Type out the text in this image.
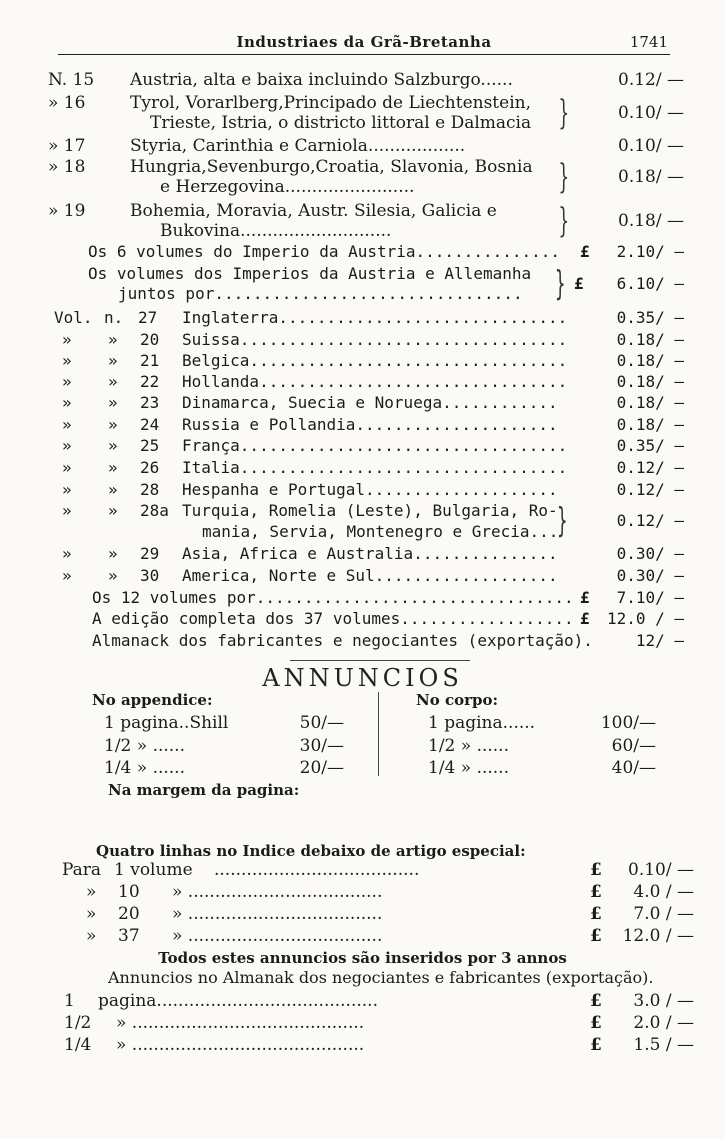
Industriaes da Grã-Bretanha	1741
N. 15 Austria, alta e baixa incluindo Salzburgo......	0.12/ —
» 16	Tyrol, Vorarlberg,Principado de Liechtenstein,
Trieste, Istria, o districto littoral e Dalmacia }	0.10/ —
» 17	Styria, Carinthia e Carniola..................	0.10/ —
» 18	Hungria,Sevenburgo,Croatia, Slavonia, Bosnia
e Herzegovina........................	}	0.18/ —
» 19	Bohemia, Moravia, Austr. Silesia, Galicia e
Bukovina............................	}	0.18/ —
Os 6 volumes do Imperio da Austria............... £ 2.10/ —
Os volumes dos Imperios da Austria e Allemanha
juntos por................................ } £ 6.10/ —
Vol. n. 27 Inglaterra..............................	0.35/ —
» » 20 Suissa..................................	0.18/ —
» » 21 Belgica.................................	0.18/ —
» » 22 Hollanda................................	0.18/ —
» » 23 Dinamarca, Suecia e Noruega............	0.18/ —
» » 24 Russia e Pollandia.....................	0.18/ —
» » 25 França..................................	0.35/ —
» » 26 Italia..................................	0.12/ —
» » 28 Hespanha e Portugal....................	0.12/ —
» » 28a Turquia, Romelia (Leste), Bulgaria, Ro-
mania, Servia, Montenegro e Grecia...
}	0.12/ —
» » 29 Asia, Africa e Australia...............	0.30/ —
» » 30 America, Norte e Sul...................	0.30/ —
Os 12 volumes por................................. £ 7.10/ —
A edição completa dos 37 volumes.................. £ 12.0 / —
Almanack dos fabricantes e negociantes (exportação).	12/ —
ANNUNCIOS
No appendice:
1 pagina..Shill	50/—
1/2 » ......	30/—
1/4 » ......	20/—
No corpo:
1 pagina......	100/—
1/2 » ......	60/—
1/4 » ......	40/—
Na margem da pagina:
Quatro linhas no Indice debaixo de artigo especial:
Para 1 volume ......................................	£ 0.10/ —
» 10 » ....................................	£ 4.0 / —
» 20 » ....................................	£ 7.0 / —
» 37 » ....................................	£ 12.0 / —
Todos estes annuncios são inseridos por 3 annos
Annuncios no Almanak dos negociantes e fabricantes (exportação).
1 pagina.........................................	£ 3.0 / —
1/2 » ...........................................	£ 2.0 / —
1/4 » ...........................................	£ 1.5 / —
